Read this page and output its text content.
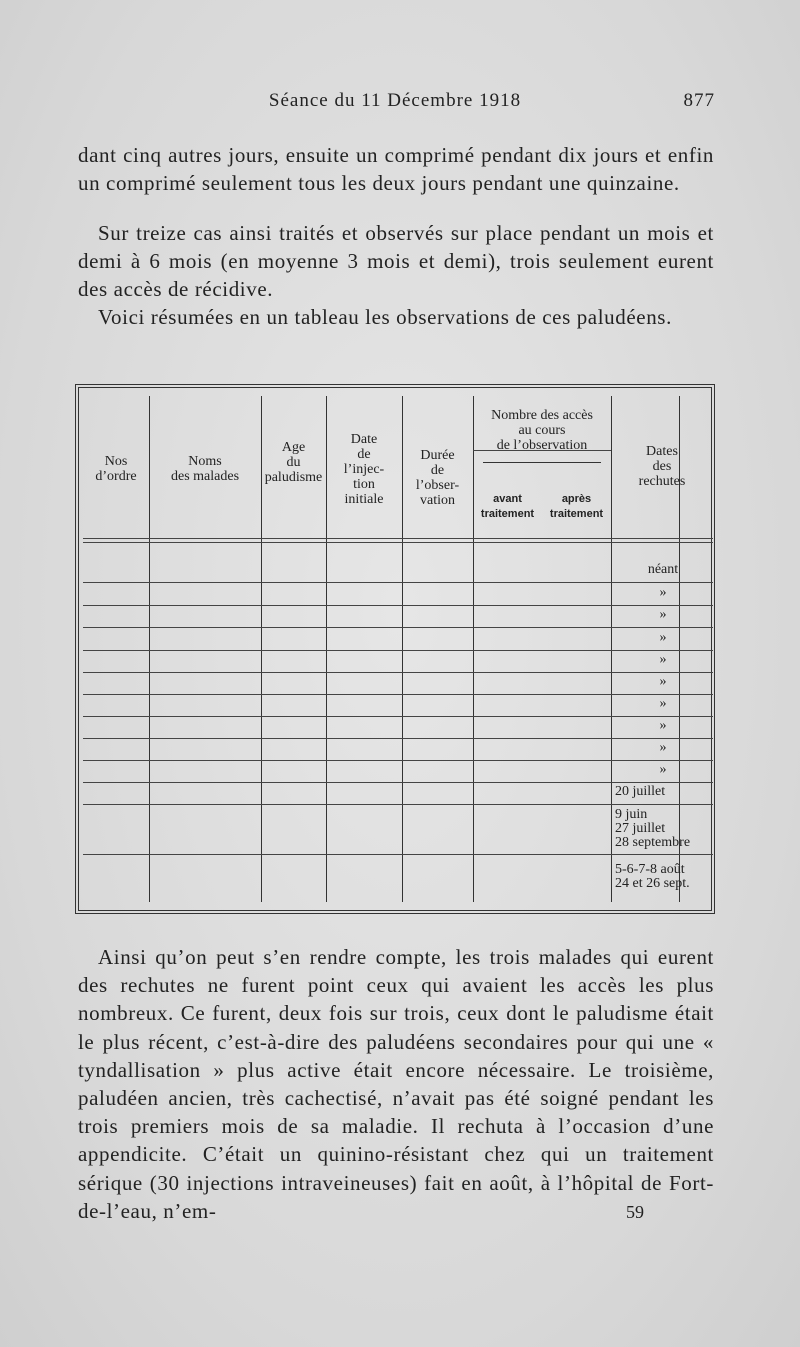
Séance du 11 Décembre 1918	877

dant cinq autres jours, ensuite un comprimé pendant dix jours et enfin un comprimé seulement tous les deux jours pendant une quinzaine.

Sur treize cas ainsi traités et observés sur place pendant un mois et demi à 6 mois (en moyenne 3 mois et demi), trois seulement eurent des accès de récidive.

Voici résumées en un tableau les observations de ces paludéens.

Nos
d’ordre
Noms
des malades
Age
du
paludisme
Date
de
l’injec-
tion
initiale
Durée
de
l’obser-
vation
Nombre des accès
au cours
de l’observation
avant
traitement
après
traitement
Dates
des
rechutes
néant
»
»
»
»
»
»
»
»
»
20 juillet
9 juin
27 juillet
28 septembre
5-6-7-8 août
24 et 26 sept.

Ainsi qu’on peut s’en rendre compte, les trois malades qui eurent des rechutes ne furent point ceux qui avaient les accès les plus nombreux. Ce furent, deux fois sur trois, ceux dont le paludisme était le plus récent, c’est-à-dire des paludéens secondaires pour qui une « tyndallisation » plus active était encore nécessaire. Le troisième, paludéen ancien, très cachectisé, n’avait pas été soigné pendant les trois premiers mois de sa maladie. Il rechuta à l’occasion d’une appendicite. C’était un quinino-résistant chez qui un traitement sérique (30 injections intraveineuses) fait en août, à l’hôpital de Fort-de-l’eau, n’em-	59
